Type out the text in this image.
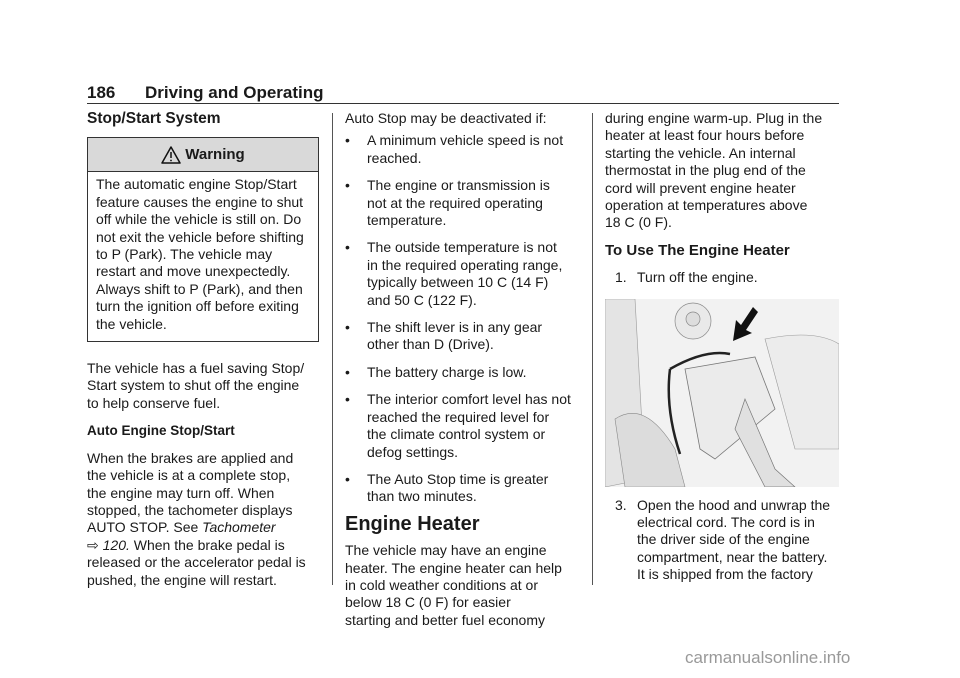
186 Driving and Operating
Stop/Start System
Warning
The automatic engine Stop/Start
feature causes the engine to shut
off while the vehicle is still on. Do
not exit the vehicle before shifting
to P (Park). The vehicle may
restart and move unexpectedly.
Always shift to P (Park), and then
turn the ignition off before exiting
the vehicle.
The vehicle has a fuel saving Stop/
Start system to shut off the engine
to help conserve fuel.
Auto Engine Stop/Start
When the brakes are applied and
the vehicle is at a complete stop,
the engine may turn off. When
stopped, the tachometer displays
AUTO STOP. See Tachometer
⇨ 120. When the brake pedal is
released or the accelerator pedal is
pushed, the engine will restart.
Auto Stop may be deactivated if:
•	A minimum vehicle speed is not
reached.
•	The engine or transmission is
not at the required operating
temperature.
•	The outside temperature is not
in the required operating range,
typically between 10 C (14 F)
and 50 C (122 F).
•	The shift lever is in any gear
other than D (Drive).
•	The battery charge is low.
•	The interior comfort level has not
reached the required level for
the climate control system or
defog settings.
•	The Auto Stop time is greater
than two minutes.
Engine Heater
The vehicle may have an engine
heater. The engine heater can help
in cold weather conditions at or
below 18 C (0 F) for easier
starting and better fuel economy
during engine warm-up. Plug in the
heater at least four hours before
starting the vehicle. An internal
thermostat in the plug end of the
cord will prevent engine heater
operation at temperatures above
18 C (0 F).
To Use The Engine Heater
1. Turn off the engine.
3. Open the hood and unwrap the
electrical cord. The cord is in
the driver side of the engine
compartment, near the battery.
It is shipped from the factory
carmanualsonline.info
